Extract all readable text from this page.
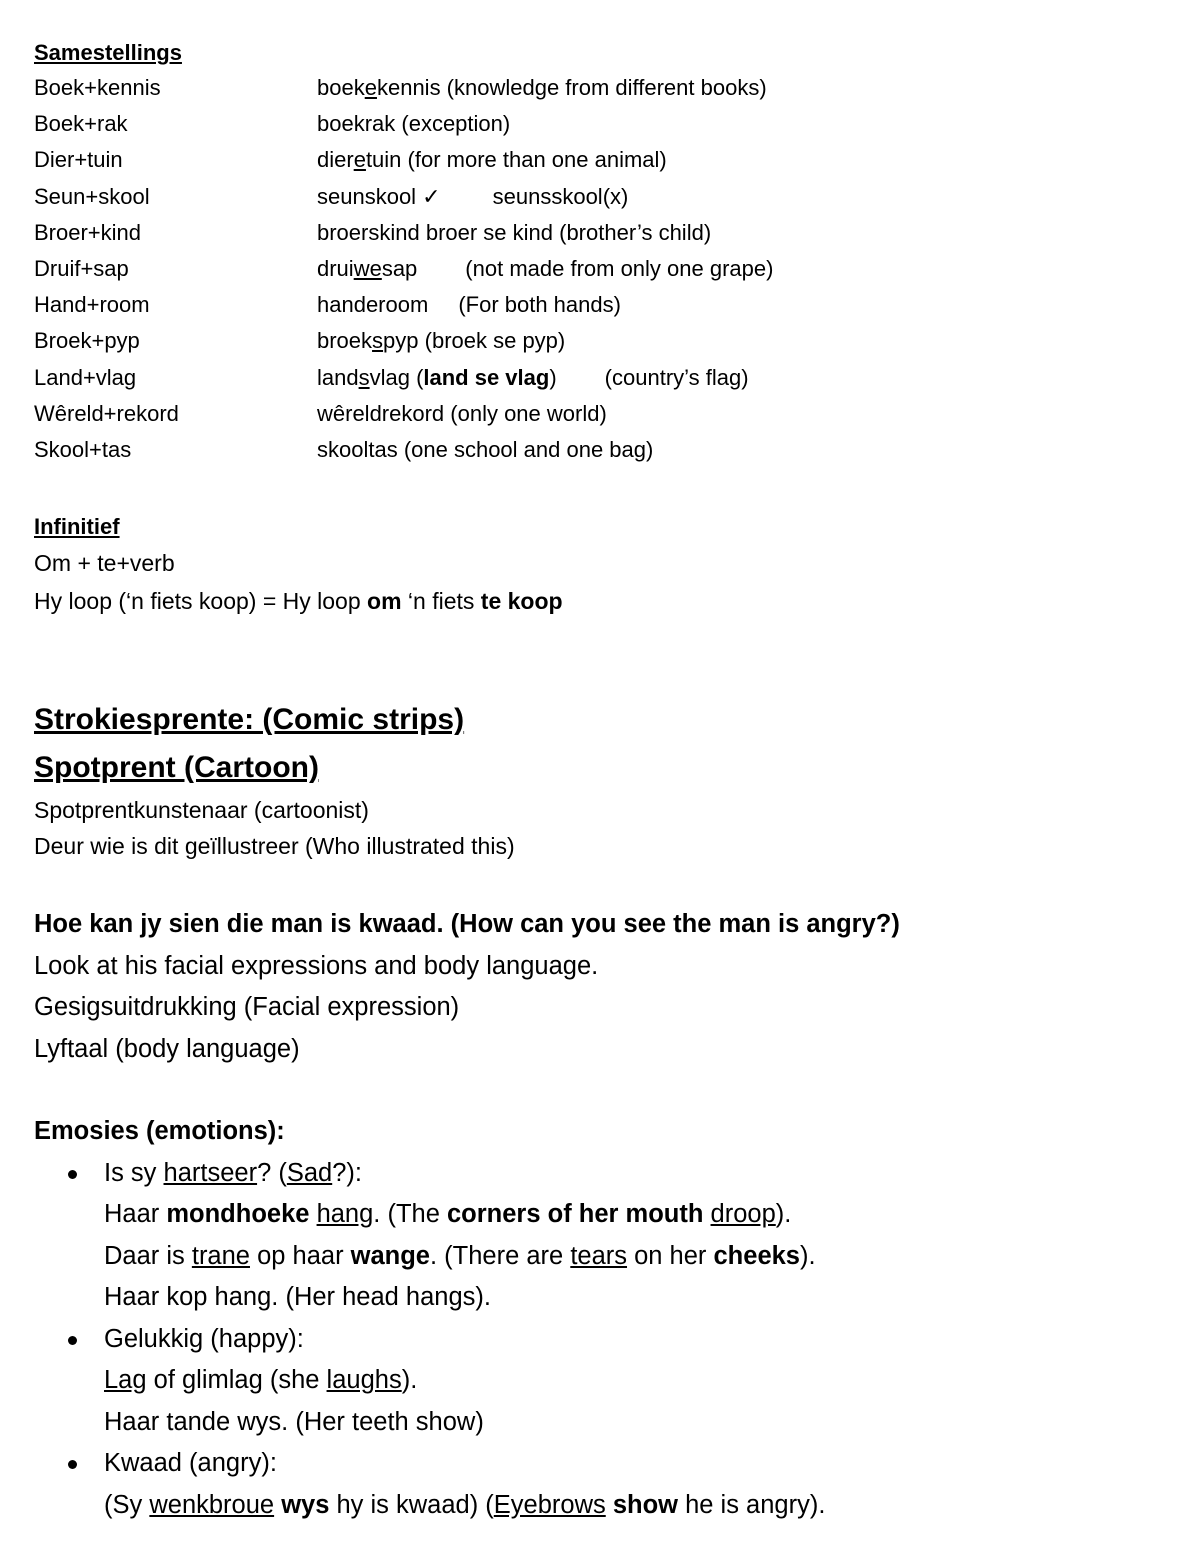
Samestellings
Boek+kennis	boekekennis (knowledge from different books)
Boek+rak	boekrak (exception)
Dier+tuin	dieretuin (for more than one animal)
Seun+skool	seunskool ✓ seunsskool(x)
Broer+kind	broerskind broer se kind (brother’s child)
Druif+sap	druiwesap (not made from only one grape)
Hand+room	handeroom (For both hands)
Broek+pyp	broekspyp (broek se pyp)
Land+vlag	landsvlag (land se vlag) (country’s flag)
Wêreld+rekord	wêreldrekord (only one world)
Skool+tas	skooltas (one school and one bag)
Infinitief
Om + te+verb
Hy loop (‘n fiets koop) = Hy loop om ‘n fiets te koop
Strokiesprente: (Comic strips)
Spotprent (Cartoon)
Spotprentkunstenaar (cartoonist)
Deur wie is dit geïllustreer (Who illustrated this)
Hoe kan jy sien die man is kwaad. (How can you see the man is angry?)
Look at his facial expressions and body language.
Gesigsuitdrukking (Facial expression)
Lyftaal (body language)
Emosies (emotions):
Is sy hartseer? (Sad?):
Haar mondhoeke hang. (The corners of her mouth droop).
Daar is trane op haar wange. (There are tears on her cheeks).
Haar kop hang. (Her head hangs).
Gelukkig (happy):
Lag of glimlag (she laughs).
Haar tande wys. (Her teeth show)
Kwaad (angry):
(Sy wenkbroue wys hy is kwaad) (Eyebrows show he is angry).
